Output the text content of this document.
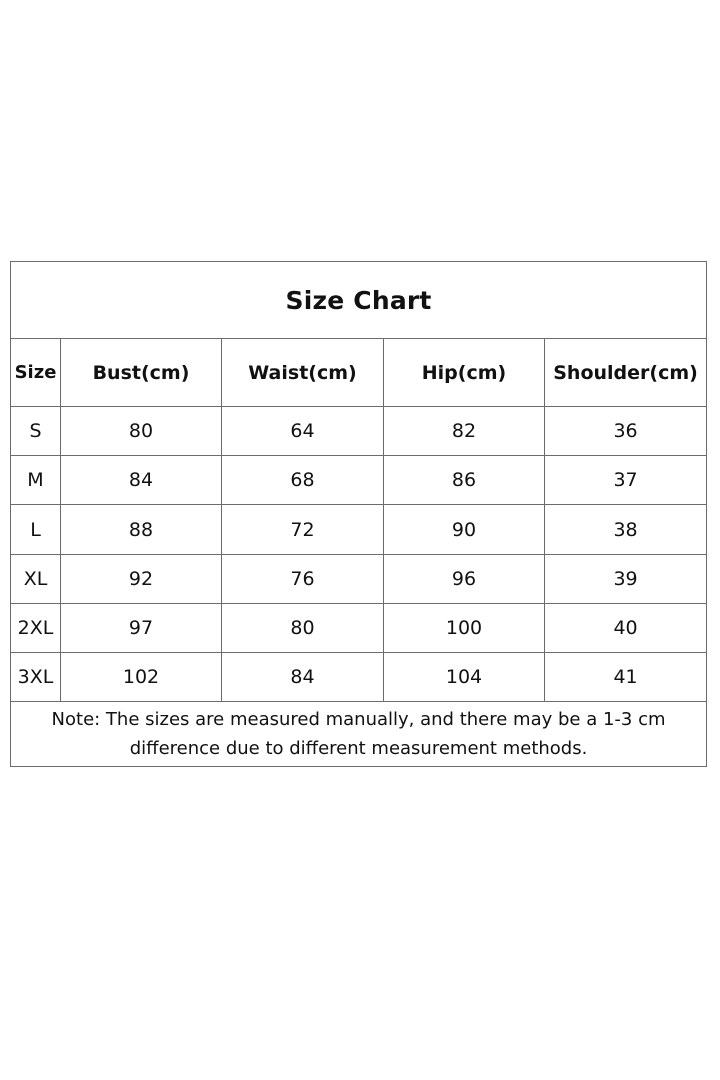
Size Chart				
Size	Bust(cm)	Waist(cm)	Hip(cm)	Shoulder(cm)
S	80	64	82	36
M	84	68	86	37
L	88	72	90	38
XL	92	76	96	39
2XL	97	80	100	40
3XL	102	84	104	41
Note: The sizes are measured manually, and there may be a 1-3 cm difference due to different measurement methods.				
